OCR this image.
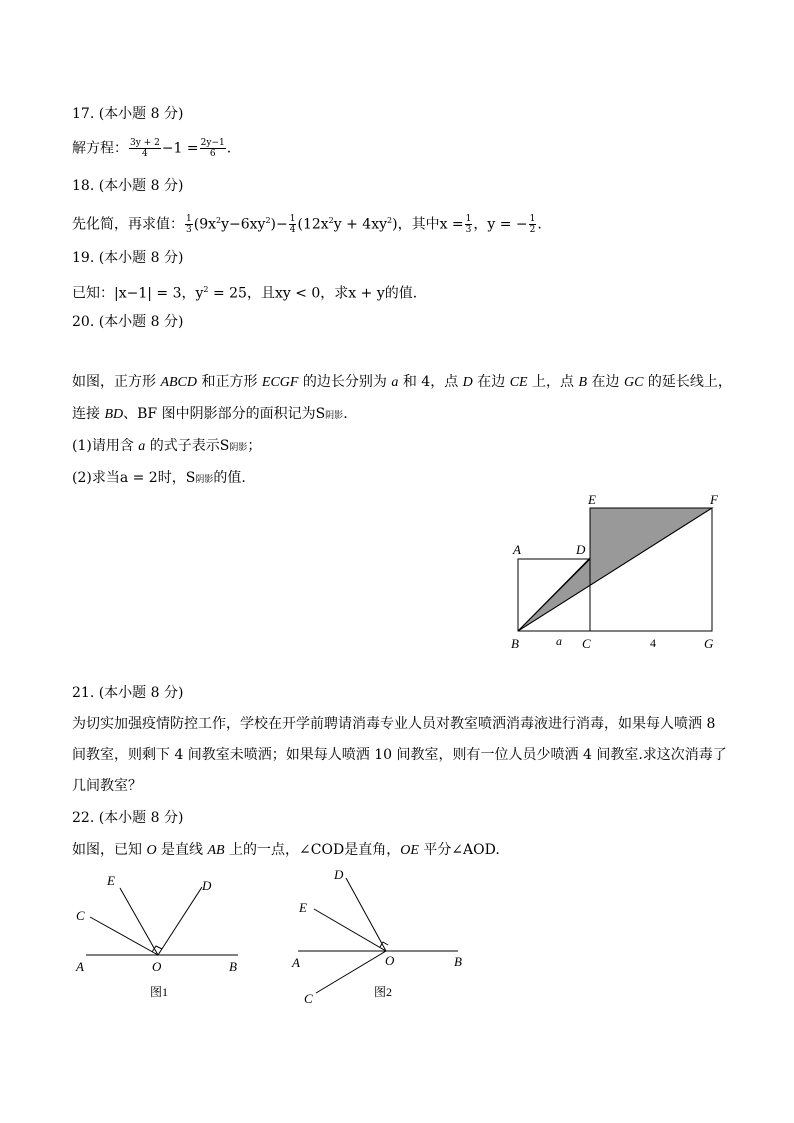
17. (本小题 8 分)
解方程： $\frac{3y + 2}{4} -1 = \frac{2y-1}{6}$ .
18. (本小题 8 分)
先化简，再求值： $\frac{1}{3} (9x^2y-6xy^2)- \frac{1}{4} (12x^2y + 4xy^2)$，其中$x = \frac{1}{3}$ ，y = − $\frac{1}{2}$ .
19. (本小题 8 分)
已知：|x−1| = 3，$y^2 = 25$，且xy < 0，求x + y的值.
20. (本小题 8 分)
如图，正方形 ABCD 和正方形 ECGF 的边长分别为 a 和 4，点 D 在边 CE 上，点 B 在边 GC 的延长线上，
连接 BD、BF 图中阴影部分的面积记为S阴影.
(1)请用含 a 的式子表示S阴影；
(2)求当a = 2时，S阴影的值.
E	F
A	D
B	C	G
a	4
21. (本小题 8 分)
为切实加强疫情防控工作，学校在开学前聘请消毒专业人员对教室喷洒消毒液进行消毒，如果每人喷洒 8
间教室，则剩下 4 间教室未喷洒；如果每人喷洒 10 间教室，则有一位人员少喷洒 4 间教室.求这次消毒了
几间教室？
22. (本小题 8 分)
如图，已知 O 是直线 AB 上的一点，∠COD是直角，OE 平分∠AOD.
E	D
C
A	O	B
图1
D
E
A	O	B
C	图2
